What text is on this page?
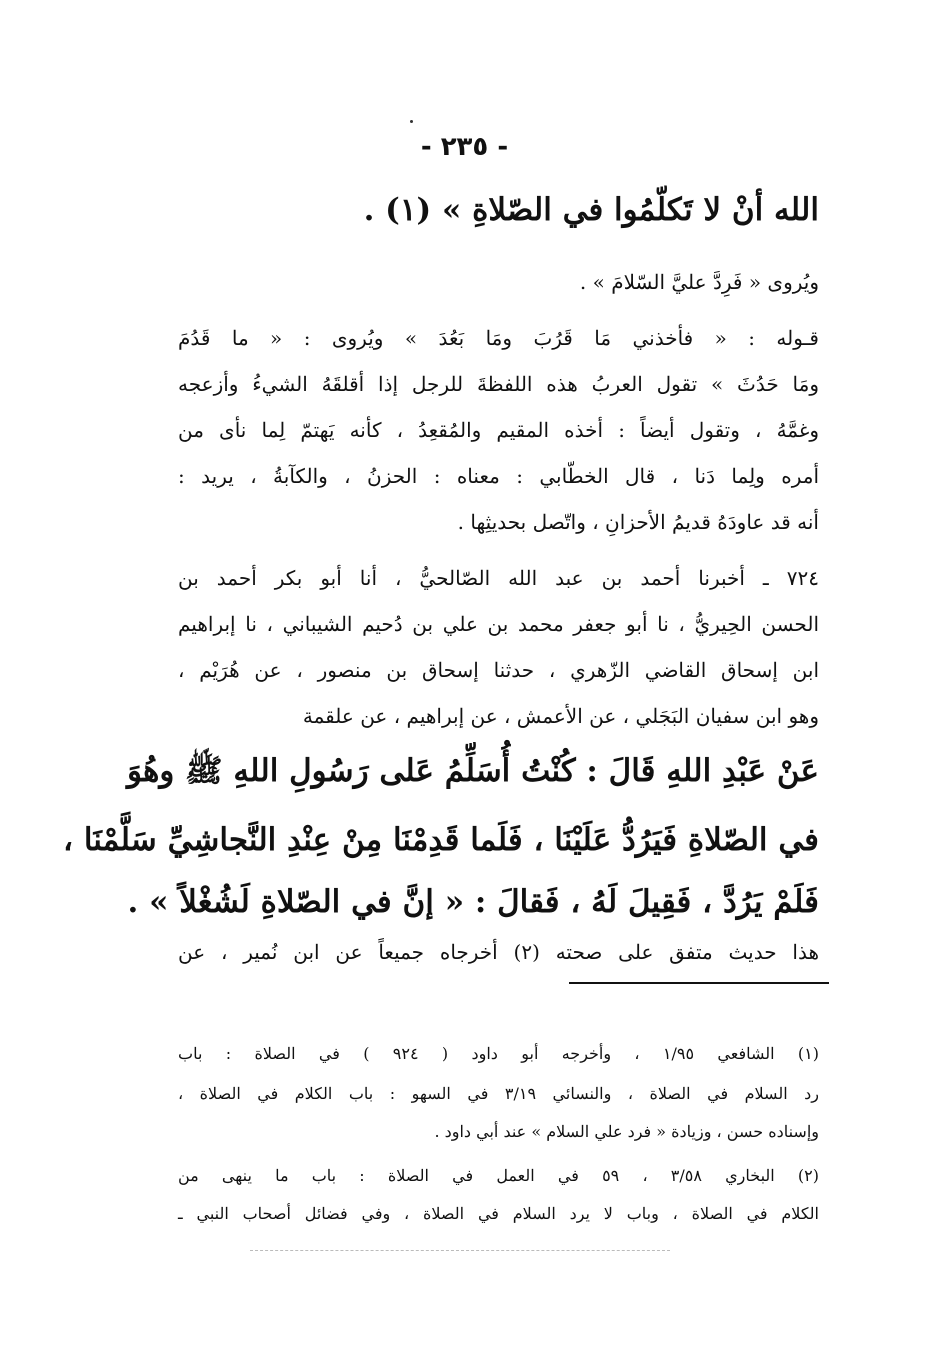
- ٢٣٥ -
الله أنْ لا تَكلّمُوا في الصّلاةِ » (١) .
ويُروى « فَرِدَّ عليَّ السّلامَ » .
قـوله : « فأخذني مَا قَرُبَ ومَا بَعُدَ » ويُروى : « ما قَدُمَ
ومَا حَدُثَ » تقول العربُ هذه اللفظةَ للرجل إذا أقلقَهُ الشيءُ وأزعجه
وغمَّهُ ، وتقول أيضاً : أخذه المقيم والمُقعِدُ ، كأنه يَهتمّ لِما نأى من
أمره ولِما دَنا ، قال الخطّابي : معناه : الحزنُ ، والكآبةُ ، يريد :
أنه قد عاودَهُ قديمُ الأحزانِ ، واتّصل بحديثِها .
٧٢٤ ـ أخبرنا أحمد بن عبد الله الصّالحيُّ ، أنا أبو بكر أحمد بن
الحسن الحِيريُّ ، نا أبو جعفر محمد بن علي بن دُحيم الشيباني ، نا إبراهيم
ابن إسحاق القاضي الزّهري ، حدثنا إسحاق بن منصور ، عن هُرَيْم ،
وهو ابن سفيان البَجَلي ، عن الأعمش ، عن إبراهيم ، عن علقمة
عَنْ عَبْدِ اللهِ قَالَ : كُنْتُ أُسَلِّمُ عَلى رَسُولِ اللهِ ﷺ وهُوَ
في الصّلاةِ فَيَرُدُّ عَلَيْنَا ، فَلَما قَدِمْنَا مِنْ عِنْدِ النَّجاشِيِّ سَلَّمْنَا ،
فَلَمْ يَرُدَّ ، فَقِيلَ لَهُ ، فَقالَ : « إنَّ في الصّلاةِ لَشُغْلاً » .
هذا حديث متفق على صحته (٢) أخرجاه جميعاً عن ابن نُمير ، عن
(١) الشافعي ١/٩٥ ، وأخرجه أبو داود ( ٩٢٤ ) في الصلاة : باب
رد السلام في الصلاة ، والنسائي ٣/١٩ في السهو : باب الكلام في الصلاة ،
وإسناده حسن ، وزيادة « فرد علي السلام » عند أبي داود .
(٢) البخاري ٣/٥٨ ، ٥٩ في العمل في الصلاة : باب ما ينهى من
الكلام في الصلاة ، وباب لا يرد السلام في الصلاة ، وفي فضائل أصحاب النبي ـ
